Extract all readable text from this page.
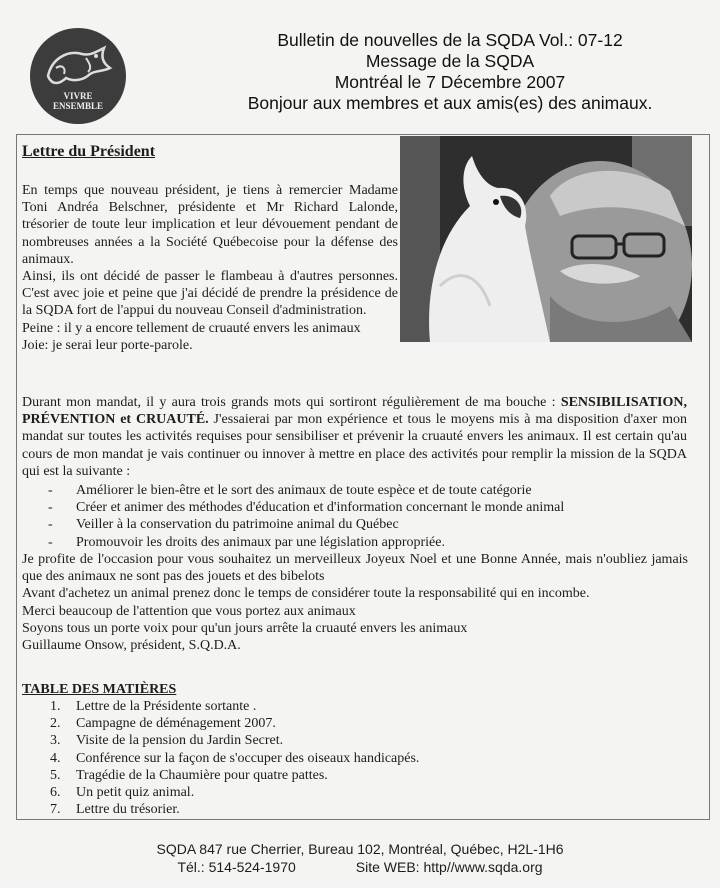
VIVRE
ENSEMBLE
Bulletin de nouvelles de la SQDA Vol.: 07-12
Message de la SQDA
Montréal le 7 Décembre 2007
Bonjour aux membres et aux amis(es) des animaux.
Lettre du Président

En temps que nouveau président, je tiens à remercier Madame Toni Andréa Belschner, présidente et Mr Richard Lalonde, trésorier de toute leur implication et leur dévouement pendant de nombreuses années a la Société Québecoise pour la défense des animaux.

Ainsi, ils ont décidé de passer le flambeau à d'autres personnes. C'est avec joie et peine que j'ai décidé de prendre la présidence de la SQDA fort de l'appui du nouveau Conseil d'administration.

Peine : il y a encore tellement de cruauté envers les animaux

Joie: je serai leur porte-parole.

Durant mon mandat, il y aura trois grands mots qui sortiront régulièrement de ma bouche : SENSIBILISATION, PRÉVENTION et CRUAUTÉ. J'essaierai par mon expérience et tous le moyens mis à ma disposition d'axer mon mandat sur toutes les activités requises pour sensibiliser et prévenir la cruauté envers les animaux. Il est certain qu'au cours de mon mandat je vais continuer ou innover à mettre en place des activités pour remplir la mission de la SQDA qui est la suivante :

- Améliorer le bien-être et le sort des animaux de toute espèce et de toute catégorie
- Créer et animer des méthodes d'éducation et d'information concernant le monde animal
- Veiller à la conservation du patrimoine animal du Québec
- Promouvoir les droits des animaux par une législation appropriée.
Je profite de l'occasion pour vous souhaitez un merveilleux Joyeux Noel et une Bonne Année, mais n'oubliez jamais que des animaux ne sont pas des jouets et des bibelots
Avant d'achetez un animal prenez donc le temps de considérer toute la responsabilité qui en incombe.
Merci beaucoup de l'attention que vous portez aux animaux
Soyons tous un porte voix pour qu'un jours arrête la cruauté envers les animaux
Guillaume Onsow, président, S.Q.D.A.
TABLE DES MATIÈRES
1. Lettre de la Présidente sortante .
2. Campagne de déménagement 2007.
3. Visite de la pension du Jardin Secret.
4. Conférence sur la façon de s'occuper des oiseaux handicapés.
5. Tragédie de la Chaumière pour quatre pattes.
6. Un petit quiz animal.
7. Lettre du trésorier.
SQDA 847 rue Cherrier, Bureau 102, Montréal, Québec, H2L-1H6
Tél.: 514-524-1970	Site WEB: http//www.sqda.org
